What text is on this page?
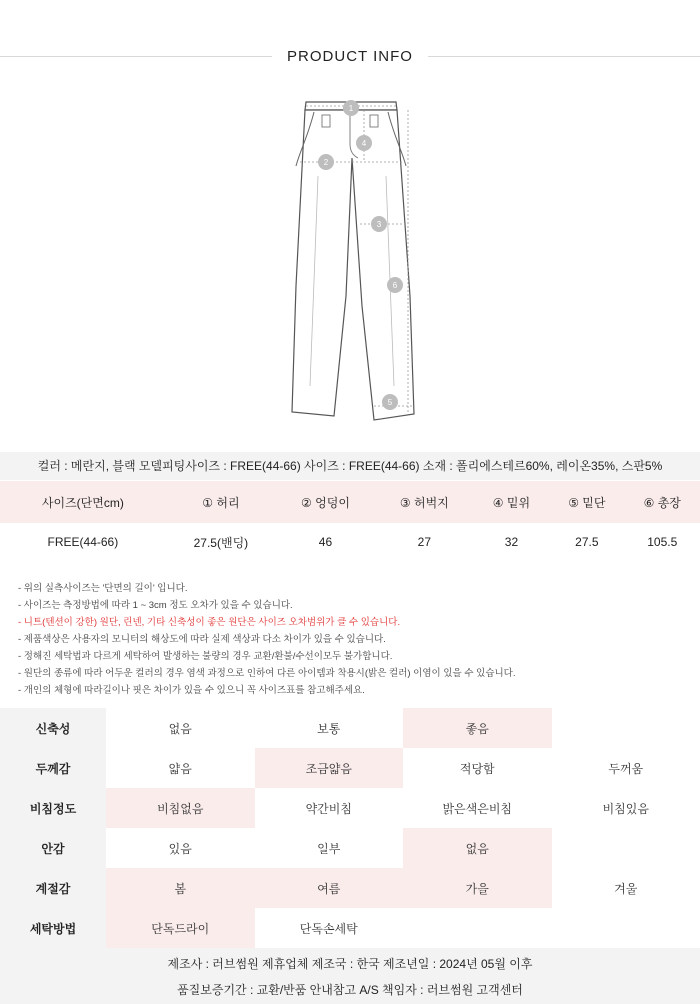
PRODUCT INFO
1
2
3
4
5
6
컬러 : 메란지, 블랙 모델피팅사이즈 : FREE(44-66) 사이즈 : FREE(44-66) 소재 : 폴리에스테르60%, 레이온35%, 스판5%
사이즈(단면cm)	① 허리	② 엉덩이	③ 허벅지	④ 밑위	⑤ 밑단	⑥ 총장
FREE(44-66)	27.5(밴딩)	46	27	32	27.5	105.5
- 위의 실측사이즈는 '단면의 길이' 입니다.
- 사이즈는 측정방법에 따라 1 ~ 3cm 정도 오차가 있을 수 있습니다.
- 니트(텐션이 강한) 원단, 린넨, 기타 신축성이 좋은 원단은 사이즈 오차범위가 클 수 있습니다.
- 제품색상은 사용자의 모니터의 해상도에 따라 실제 색상과 다소 차이가 있을 수 있습니다.
- 정해진 세탁법과 다르게 세탁하여 발생하는 불량의 경우 교환/환불/수선이모두 불가합니다.
- 원단의 종류에 따라 어두운 컬러의 경우 염색 과정으로 인하여 다른 아이템과 착용시(밝은 컬러) 이염이 있을 수 있습니다.
- 개인의 체형에 따라길이나 핏은 차이가 있을 수 있으니 꼭 사이즈표를 참고해주세요.
신축성	없음	보통	좋음	
두께감	얇음	조금얇음	적당함	두꺼움
비침정도	비침없음	약간비침	밝은색은비침	비침있음
안감	있음	일부	없음	
계절감	봄	여름	가을	겨울
세탁방법	단독드라이	단독손세탁		
제조사 : 러브썸원 제휴업체 제조국 : 한국 제조년일 : 2024년 05월 이후
품질보증기간 : 교환/반품 안내참고 A/S 책임자 : 러브썸원 고객센터
